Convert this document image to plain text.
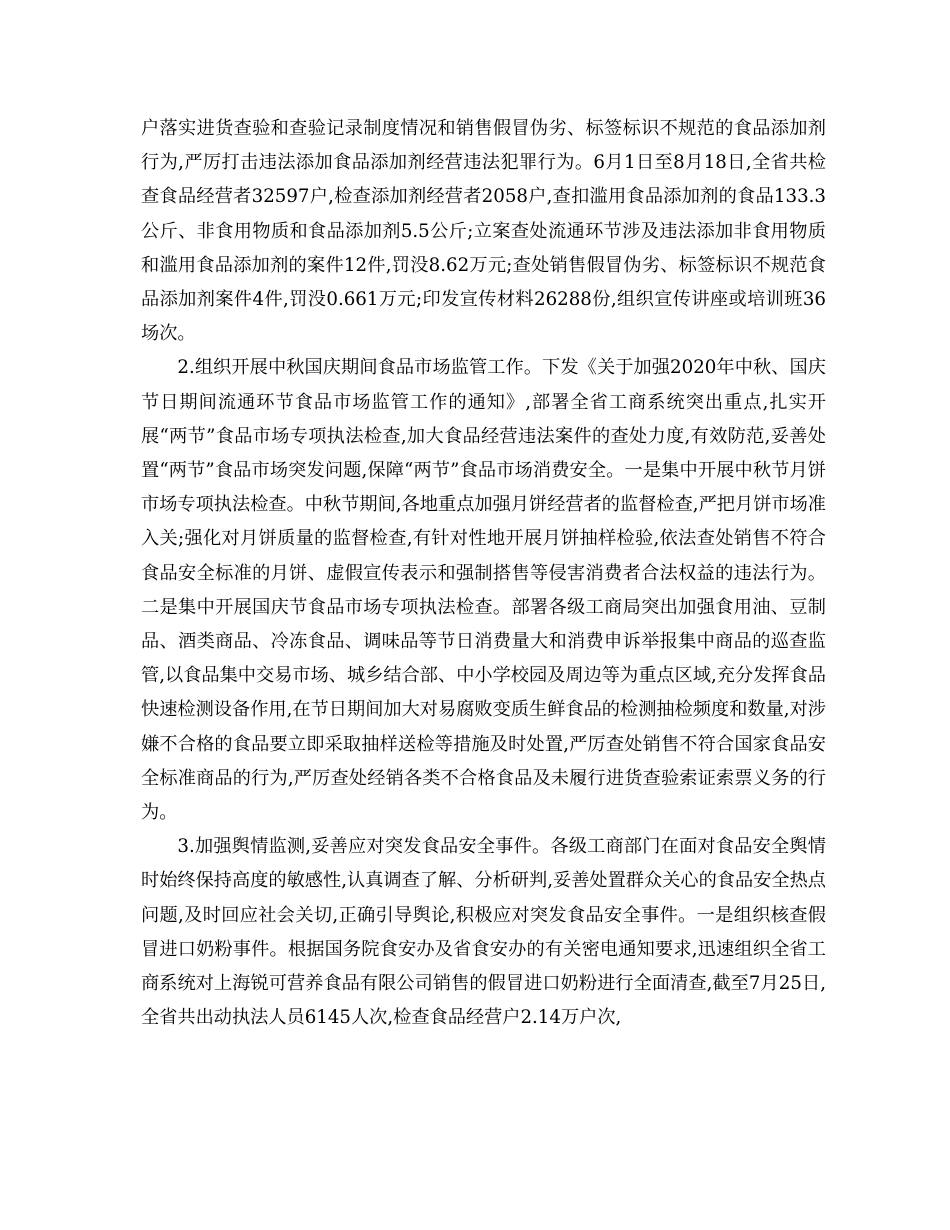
户落实进货查验和查验记录制度情况和销售假冒伪劣、标签标识不规范的食品添加剂行为,严厉打击违法添加食品添加剂经营违法犯罪行为。6月1日至8月18日,全省共检查食品经营者32597户,检查添加剂经营者2058户,查扣滥用食品添加剂的食品133.3公斤、非食用物质和食品添加剂5.5公斤;立案查处流通环节涉及违法添加非食用物质和滥用食品添加剂的案件12件,罚没8.62万元;查处销售假冒伪劣、标签标识不规范食品添加剂案件4件,罚没0.661万元;印发宣传材料26288份,组织宣传讲座或培训班36场次。

2.组织开展中秋国庆期间食品市场监管工作。下发《关于加强2020年中秋、国庆节日期间流通环节食品市场监管工作的通知》,部署全省工商系统突出重点,扎实开展“两节”食品市场专项执法检查,加大食品经营违法案件的查处力度,有效防范,妥善处置“两节”食品市场突发问题,保障“两节”食品市场消费安全。一是集中开展中秋节月饼市场专项执法检查。中秋节期间,各地重点加强月饼经营者的监督检查,严把月饼市场准入关;强化对月饼质量的监督检查,有针对性地开展月饼抽样检验,依法查处销售不符合食品安全标准的月饼、虚假宣传表示和强制搭售等侵害消费者合法权益的违法行为。二是集中开展国庆节食品市场专项执法检查。部署各级工商局突出加强食用油、豆制品、酒类商品、冷冻食品、调味品等节日消费量大和消费申诉举报集中商品的巡查监管,以食品集中交易市场、城乡结合部、中小学校园及周边等为重点区域,充分发挥食品快速检测设备作用,在节日期间加大对易腐败变质生鲜食品的检测抽检频度和数量,对涉嫌不合格的食品要立即采取抽样送检等措施及时处置,严厉查处销售不符合国家食品安全标准商品的行为,严厉查处经销各类不合格食品及未履行进货查验索证索票义务的行为。

3.加强舆情监测,妥善应对突发食品安全事件。各级工商部门在面对食品安全舆情时始终保持高度的敏感性,认真调查了解、分析研判,妥善处置群众关心的食品安全热点问题,及时回应社会关切,正确引导舆论,积极应对突发食品安全事件。一是组织核查假冒进口奶粉事件。根据国务院食安办及省食安办的有关密电通知要求,迅速组织全省工商系统对上海锐可营养食品有限公司销售的假冒进口奶粉进行全面清查,截至7月25日,全省共出动执法人员6145人次,检查食品经营户2.14万户次,
